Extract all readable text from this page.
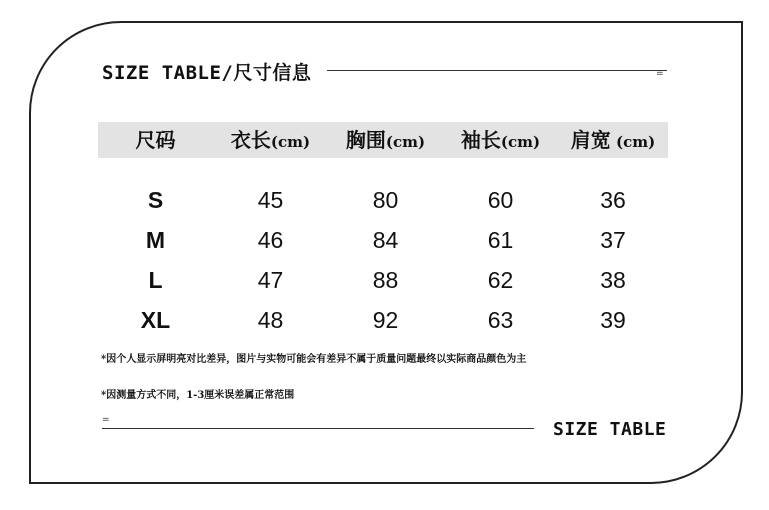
SIZE TABLE/尺寸信息	=
尺码	衣长(cm)	胸围(cm)	袖长(cm)	肩宽 (cm)
S	45	80	60	36
M	46	84	61	37
L	47	88	62	38
XL	48	92	63	39
*因个人显示屏明亮对比差异，图片与实物可能会有差异不属于质量问题最终以实际商品颜色为主
*因测量方式不同，1-3厘米误差属正常范围
=	SIZE TABLE
